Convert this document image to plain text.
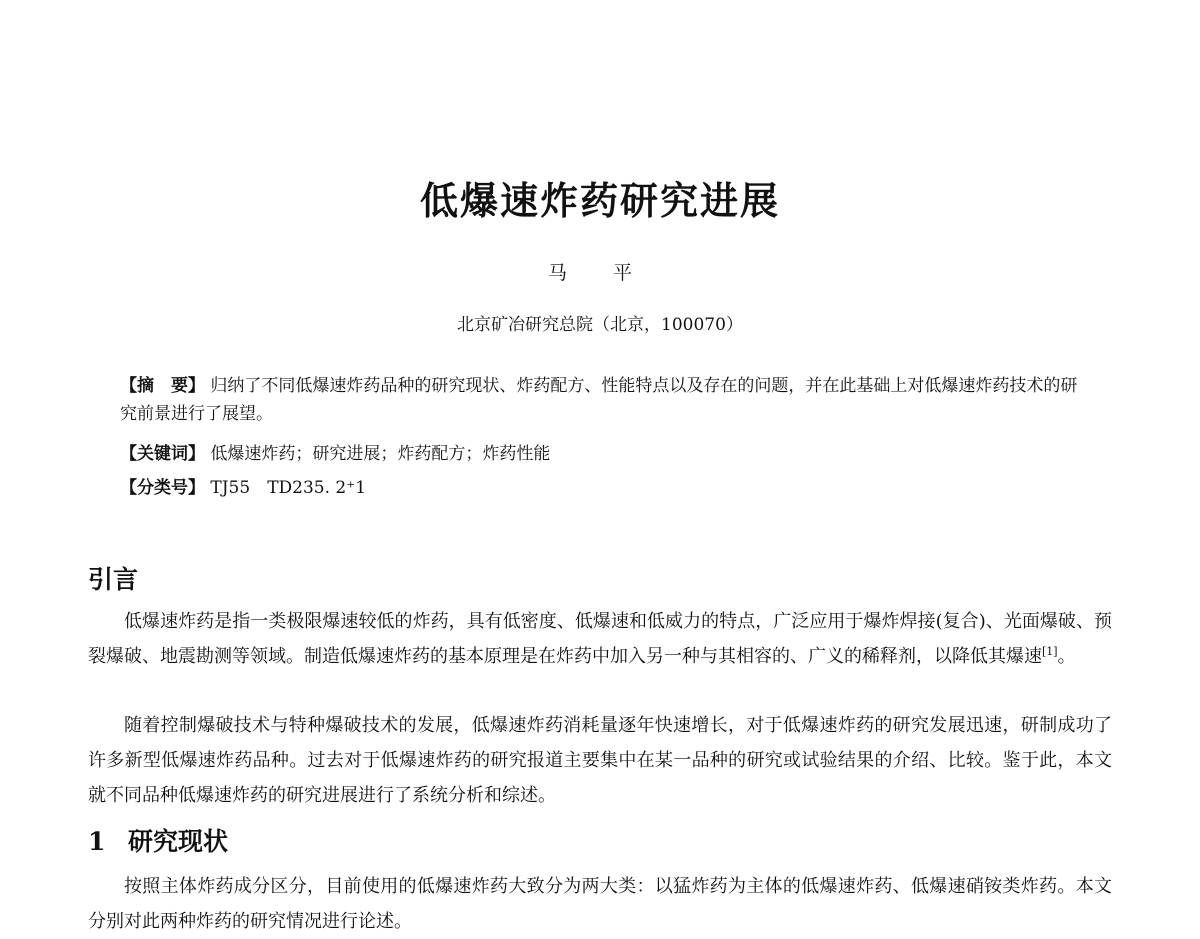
低爆速炸药研究进展
马 平
北京矿冶研究总院（北京，100070）
【摘　要】 归纳了不同低爆速炸药品种的研究现状、炸药配方、性能特点以及存在的问题，并在此基础上对低爆速炸药技术的研究前景进行了展望。
【关键词】 低爆速炸药；研究进展；炸药配方；炸药性能
【分类号】 TJ55　TD235. 2⁺1
引言

低爆速炸药是指一类极限爆速较低的炸药，具有低密度、低爆速和低威力的特点，广泛应用于爆炸焊接(复合)、光面爆破、预裂爆破、地震勘测等领域。制造低爆速炸药的基本原理是在炸药中加入另一种与其相容的、广义的稀释剂，以降低其爆速[1]。

随着控制爆破技术与特种爆破技术的发展，低爆速炸药消耗量逐年快速增长，对于低爆速炸药的研究发展迅速，研制成功了许多新型低爆速炸药品种。过去对于低爆速炸药的研究报道主要集中在某一品种的研究或试验结果的介绍、比较。鉴于此，本文就不同品种低爆速炸药的研究进展进行了系统分析和综述。

1 研究现状

按照主体炸药成分区分，目前使用的低爆速炸药大致分为两大类：以猛炸药为主体的低爆速炸药、低爆速硝铵类炸药。本文分别对此两种炸药的研究情况进行论述。
